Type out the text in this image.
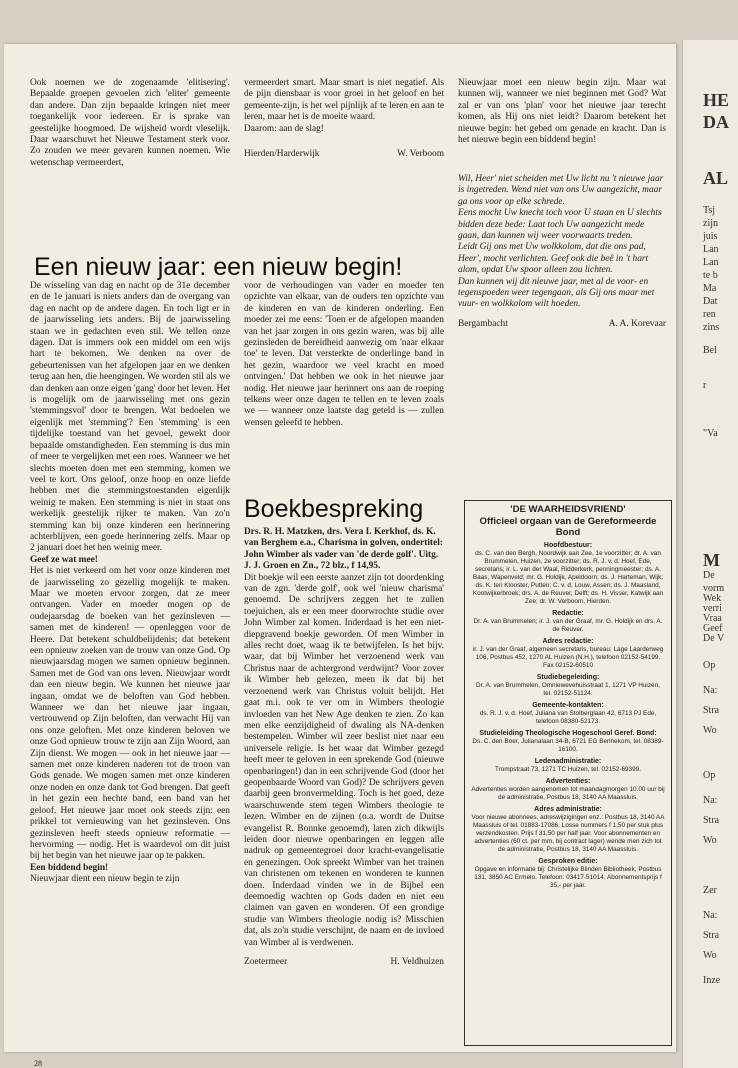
Ook noemen we de zogenaamde 'elitisering'. Bepaalde groepen gevoelen zich 'eliter' gemeente dan andere. Dan zijn bepaalde kringen niet meer toegankelijk voor iedereen. Er is sprake van geestelijke hoogmoed. De wijsheid wordt vleselijk. Daar waarschuwt het Nieuwe Testament sterk voor. Zo zouden we meer gevaren kunnen noemen. Wie wetenschap vermeerdert,

vermeerdert smart. Maar smart is niet negatief. Als de pijn diensbaar is voor groei in het geloof en het gemeente-zijn, is het wel pijnlijk af te leren en aan te leren, maar het is de moeite waard.

Daarom: aan de slag!

Hierden/Harderwijk	W. Verboom

Nieuwjaar moet een nieuw begin zijn. Maar wat kunnen wij, wanneer we niet beginnen met God? Wat zal er van ons 'plan' voor het nieuwe jaar terecht komen, als Hij ons niet leidt? Daarom betekent het nieuwe begin: het gebed om genade en kracht. Dan is het nieuwe begin een biddend begin!

Een nieuw jaar: een nieuw begin!

De wisseling van dag en nacht op de 31e december en de 1e januari is niets anders dan de overgang van dag en nacht op de andere dagen. En toch ligt er in de jaarwisseling iets anders. Bij de jaarwisseling staan we in gedachten even stil. We tellen onze dagen. Dat is immers ook een middel om een wijs hart te bekomen. We denken na over de gebeurtenissen van het afgelopen jaar en we denken terug aan hen, die heengingen. We worden stil als we dan denken aan onze eigen 'gang' door het leven. Het is mogelijk om de jaarwisseling met ons gezin 'stemmingsvol' door te brengen. Wat bedoelen we eigenlijk met 'stemming'? Een 'stemming' is een tijdelijke toestand van het gevoel, gewekt door bepaalde omstandigheden. Een stemming is dus min of meer te vergelijken met een roes. Wanneer we het slechts moeten doen met een stemming, komen we veel te kort. Ons geloof, onze hoop en onze liefde hebben met die stemmingstoestanden eigenlijk weinig te maken. Een stemming is niet in staat ons werkelijk geestelijk rijker te maken. Van zo'n stemming kan bij onze kinderen een herinnering achterblijven, een goede herinnering zelfs. Maar op 2 januari doet het hen weinig meer.

Geef ze wat mee!

Het is niet verkeerd om het voor onze kinderen met de jaarwisseling zo gezellig mogelijk te maken. Maar we moeten ervoor zorgen, dat ze meer ontvangen. Vader en moeder mogen op de oudejaarsdag de boeken van het gezinsleven — samen met de kinderen! — openleggen voor de Heere. Dat betekent schuldbelijdenis; dat betekent een opnieuw zoeken van de trouw van onze God. Op nieuwjaarsdag mogen we samen opnieuw beginnen. Samen met de God van ons leven. Nieuwjaar wordt dan een nieuw begin. We kunnen het nieuwe jaar ingaan, omdat we de beloften van God hebben. Wanneer we dan het nieuwe jaar ingaan, vertrouwend op Zijn beloften, dan verwacht Hij van ons onze geloften. Met onze kinderen beloven we onze God opnieuw trouw te zijn aan Zijn Woord, aan Zijn dienst. We mogen — ook in het nieuwe jaar — samen met onze kinderen naderen tot de troon van Gods genade. We mogen samen met onze kinderen onze noden en onze dank tot God brengen. Dat geeft in het gezin een hechte band, een band van het geloof. Het nieuwe jaar moet ook steeds zijn: een prikkel tot vernieuwing van het gezinsleven. Ons gezinsleven heeft steeds opnieuw reformatie — hervorming — nodig. Het is waardevol om dit juist bij het begin van het nieuwe jaar op te pakken.

Een biddend begin!

Nieuwjaar dient een nieuw begin te zijn

voor de verhoudingen van vader en moeder ten opzichte van elkaar, van de ouders ten opzichte van de kinderen en van de kinderen onderling. Een moeder zei me eens: 'Toen er de afgelopen maanden van het jaar zorgen in ons gezin waren, was bij alle gezinsleden de bereidheid aanwezig om 'naar elkaar toe' te leven. Dat versterkte de onderlinge band in het gezin, waardoor we veel kracht en moed ontvingen.' Dat hebben we ook in het nieuwe jaar nodig. Het nieuwe jaar herinnert ons aan de roeping telkens weer onze dagen te tellen en te leven zoals we — wanneer onze laatste dag geteld is — zullen wensen geleefd te hebben.

Wil, Heer' niet scheiden met Uw licht nu 't nieuwe jaar is ingetreden. Wend niet van ons Uw aangezicht, maar ga ons voor op elke schrede.

Eens mocht Uw knecht toch voor U staan en U slechts bidden deze bede: Laat toch Uw aangezicht mede gaan, dan kunnen wij weer voorwaarts treden.

Leidt Gij ons met Uw wolkkolom, dat die ons pad, Heer', mocht verlichten. Geef ook die beê in 't hart alom, opdat Uw spoor alleen zou lichten.

Dan kunnen wij dit nieuwe jaar, met al de voor- en tegenspoeden weer tegengaan, als Gij ons maar met vuur- en wolkkolom wilt hoeden.

Bergambacht	A. A. Korevaar
Boekbespreking

Drs. R. H. Matzken, drs. Vera I. Kerkhof, ds. K. van Berghem e.a., Charisma in golven, ondertitel: John Wimber als vader van 'de derde golf'. Uitg. J. J. Groen en Zn., 72 blz., f 14,95.

Dit boekje wil een eerste aanzet zijn tot doordenking van de zgn. 'derde golf', ook wel 'nieuw charisma' genoemd. De schrijvers zeggen het te zullen toejuichen, als er een meer doorwrochte studie over John Wimber zal komen. Inderdaad is het een niet-diepgravend boekje geworden. Of men Wimber in alles recht doet, waag ik te betwijfelen. Is het bijv. waar, dat bij Wimber het verzoenend werk van Christus naar de achtergrond verdwijnt? Voor zover ik Wimber heb gelezen, meen ik dat bij het verzoenend werk van Christus voluit belijdt. Het gaat m.i. ook te ver om in Wimbers theologie invloeden van het New Age denken te zien. Zo kan men elke eenzijdigheid of dwaling als NA-denken bestempelen. Wimber wil zeer beslist niet naar een universele religie. Is het waar dat Wimber gezegd heeft meer te geloven in een sprekende God (nieuwe openbaringen!) dan in een schrijvende God (door het geopenbaarde Woord van God)? De schrijvers geven daarbij geen bronvermelding. Toch is het goed, deze waarschuwende stem tegen Wimbers theologie te lezen. Wimber en de zijnen (o.a. wordt de Duitse evangelist R. Bonnke genoemd), laten zich dikwijls leiden door nieuwe openbaringen en leggen alle nadruk op gemeentegroei door kracht-evangelisatie en genezingen. Ook spreekt Wimber van het trainen van christenen om tekenen en wonderen te kunnen doen. Inderdaad vinden we in de Bijbel een deemoedig wachten op Gods daden en niet een claimen van gaven en wonderen. Of een grondige studie van Wimbers theologie nodig is? Misschien dat, als zo'n studie verschijnt, de naam en de invloed van Wimber al is verdwenen.

Zoetermeer	H. Veldhuizen
'DE WAARHEIDSVRIEND'
Officieel orgaan van de Gereformeerde Bond
Hoofdbestuur:
ds. C. van den Bergh, Noordwijk aan Zee, 1e voorzitter; dr. A. van Brummelen, Huizen, 2e voorzitter; ds. R. J. v. d. Hoef, Ede, secretaris; ir. L. van der Waal, Ridderkerk, penningmeester; ds. A. Baas, Wapenveld; mr. G. Holdijk, Apeldoorn; ds. J. Harteman, Wijk; ds. K. ten Klooster, Putten; C. v. d. Louw, Assen; ds. J. Maasland, Kootwijkerbroek; drs. A. de Reuver, Delft; ds. H. Visser, Katwijk aan Zee; dr. W. Verboom, Hierden.
Redactie:
Dr. A. van Brummelen; ir. J. van der Graaf, mr. G. Holdijk en drs. A. de Reuver.
Adres redactie:
ir. J. van der Graaf, algemeen secretaris, bureau: Lage Laarderweg 106, Postbus 452, 1270 AL Huizen (N.H.), telefoon 02152-54199. Fax 02152-60510
Studiebegeleiding:
Dr. A. van Brummelen, Omniewevehuisstraat 1, 1271 VP Huizen, tel. 02152-51124.
Gemeente-kontakten:
ds. R. J. v. d. Hoef, Juliana van Stolberglaan 42, 6713 PJ Ede, telefoon 08380-52173.
Studieleiding Theologische Hogeschool Geref. Bond:
Ds. C. den Boer, Julianalaan 34-B, 6721 EG Bennekom, tel. 08389-16100.
Ledenadministratie:
Trompstraat 73, 1271 TC Huizen, tel. 02152-69399.
Advertenties:
Advertenties worden aangenomen tot maandagmorgen 10.00 uur bij de administratie, Postbus 18, 3140 AA Maassluis.
Adres administratie:
Voor nieuwe abonnees, adreswijzigingen enz.: Postbus 18, 3140 AA Maassluis of tel. 01883-17086. Losse nummers f 1,50 per stuk plus verzendkosten. Prijs f 31,50 per half jaar. Voor abonnementen en advertenties (60 ct. per mm, bij contract lager) wende men zich tot de administratie, Postbus 18, 3140 AA Maassluis.
Gesproken editie:
Opgave en informatie bij: Christelijke Blinden Bibliotheek, Postbus 131, 3850 AC Ermelo. Telefoon: 03417-51014. Abonnementsprijs f 35,- per jaar.
28
HE
DA
AL
Tsj
zijn
juis
Lan
Lan
te b
Ma
Dat
ren
zins
Bel
r
"Va
M
De
vorm
Wek
verri
Vraa
Geef
De V
Op
Na:
Stra
Wo
Op
Na:
Stra
Wo
Zer
Na:
Stra
Wo
Inze
